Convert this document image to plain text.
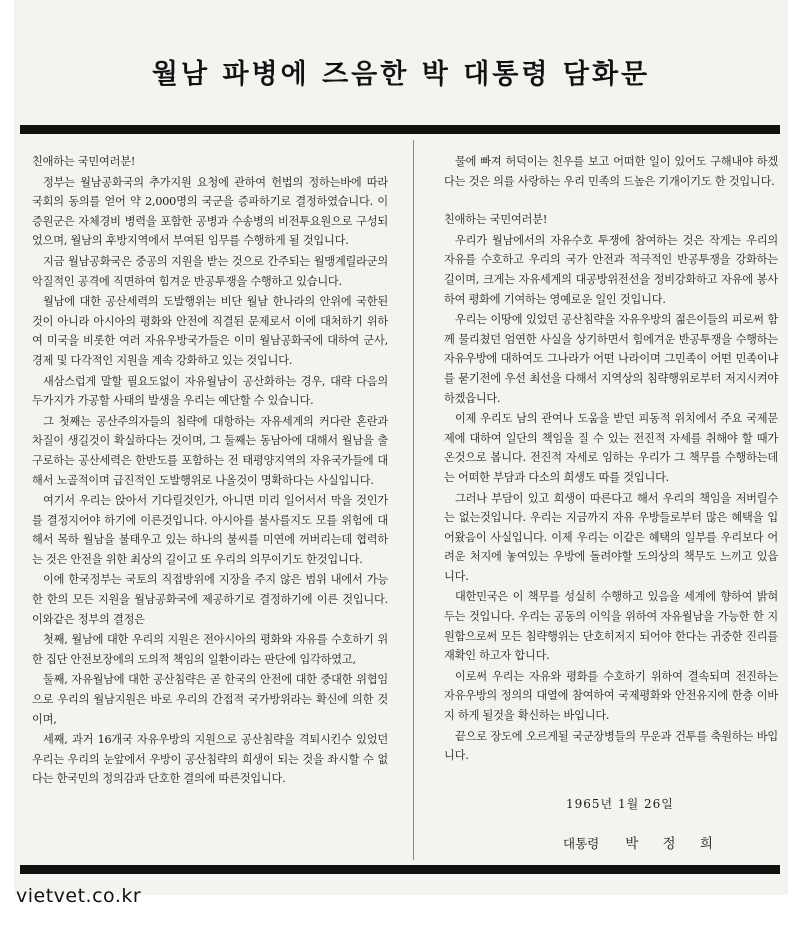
월남 파병에 즈음한 박 대통령 담화문

친애하는 국민여러분!

정부는 월남공화국의 추가지원 요청에 관하여 헌법의 정하는바에 따라 국회의 동의를 얻어 약 2,000명의 국군을 증파하기로 결정하였습니다. 이 증원군은 자체경비 병력을 포함한 공병과 수송병의 비전투요원으로 구성되었으며, 월남의 후방지역에서 부여된 임무를 수행하게 될 것입니다.

지금 월남공화국은 중공의 지원을 받는 것으로 간주되는 월맹계릴라군의 악질적인 공격에 직면하여 힘겨운 반공투쟁을 수행하고 있습니다.

월남에 대한 공산세력의 도발행위는 비단 월남 한나라의 안위에 국한된 것이 아니라 아시아의 평화와 안전에 직결된 문제로서 이에 대처하기 위하여 미국을 비롯한 여러 자유우방국가들은 이미 월남공화국에 대하여 군사, 경제 및 다각적인 지원을 계속 강화하고 있는 것입니다.

새삼스럽게 말할 필요도없이 자유월남이 공산화하는 경우, 대략 다음의 두가지가 가공할 사태의 발생을 우리는 예단할 수 있습니다.

그 첫째는 공산주의자들의 침략에 대항하는 자유세계의 커다란 혼란과 차질이 생길것이 확실하다는 것이며, 그 둘째는 동남아에 대해서 월남을 출구로하는 공산세력은 한반도를 포함하는 전 태평양지역의 자유국가들에 대해서 노골적이며 급진적인 도발행위로 나올것이 명확하다는 사실입니다.

여기서 우리는 앉아서 기다릴것인가, 아니면 미리 일어서서 막을 것인가를 결정지어야 하기에 이른것입니다. 아시아를 불사를지도 모를 위험에 대해서 목하 월남을 불태우고 있는 하나의 불씨를 미연에 꺼버리는데 협력하는 것은 안전을 위한 최상의 길이고 또 우리의 의무이기도 한것입니다.

이에 한국정부는 국토의 직접방위에 지장을 주지 않은 범위 내에서 가능한 한의 모든 지원을 월남공화국에 제공하기로 결정하기에 이른 것입니다. 이와같은 정부의 결정은

첫째, 월남에 대한 우리의 지원은 전아시아의 평화와 자유를 수호하기 위한 집단 안전보장에의 도의적 책임의 일환이라는 판단에 입각하였고,

둘째, 자유월남에 대한 공산침략은 곧 한국의 안전에 대한 중대한 위협임으로 우리의 월남지원은 바로 우리의 간접적 국가방위라는 확신에 의한 것이며,

세째, 과거 16개국 자유우방의 지원으로 공산침략을 격퇴시킨수 있었던 우리는 우리의 눈앞에서 우방이 공산침략의 희생이 되는 것을 좌시할 수 없다는 한국민의 정의감과 단호한 결의에 따른것입니다.

물에 빠져 허덕이는 친우를 보고 어떠한 일이 있어도 구해내야 하겠다는 것은 의를 사랑하는 우리 민족의 드높은 기개이기도 한 것입니다.

친애하는 국민여러분!

우리가 월남에서의 자유수호 투쟁에 참여하는 것은 작게는 우리의 자유를 수호하고 우리의 국가 안전과 적극적인 반공투쟁을 강화하는 길이며, 크게는 자유세계의 대공방위전선을 정비강화하고 자유에 봉사하여 평화에 기여하는 영예로운 일인 것입니다.

우리는 이땅에 있었던 공산침략을 자유우방의 젊은이들의 피로써 함께 물리쳤던 엄연한 사실을 상기하면서 힘에겨운 반공투쟁을 수행하는 자유우방에 대하여도 그나라가 어떤 나라이며 그민족이 어떤 민족이냐를 묻기전에 우선 최선을 다해서 지역상의 침략행위로부터 저지시켜야 하겠읍니다.

이제 우리도 남의 관여나 도움을 받던 피동적 위치에서 주요 국제문제에 대하여 일단의 책임을 질 수 있는 전진적 자세를 취해야 할 때가 온것으로 봅니다. 전진적 자세로 임하는 우리가 그 책무를 수행하는데는 어떠한 부담과 다소의 희생도 따를 것입니다.

그러나 부담이 있고 희생이 따른다고 해서 우리의 책임을 저버릴수는 없는것입니다. 우리는 지금까지 자유 우방들로부터 많은 혜택을 입어왔음이 사실입니다. 이제 우리는 이같은 혜택의 일부를 우리보다 어려운 처지에 놓여있는 우방에 돌려야할 도의상의 책무도 느끼고 있읍니다.

대한민국은 이 책무를 성실히 수행하고 있음을 세계에 향하여 밝혀 두는 것입니다. 우리는 공동의 이익을 위하여 자유월남을 가능한 한 지원함으로써 모든 침략행위는 단호히저지 되어야 한다는 귀중한 진리를 재확인 하고자 합니다.

이로써 우리는 자유와 평화를 수호하기 위하여 결속되며 전진하는 자유우방의 정의의 대열에 참여하여 국제평화와 안전유지에 한층 이바지 하게 될것을 확신하는 바입니다.

끝으로 장도에 오르게될 국군장병들의 무운과 건투를 축원하는 바입니다.

1965년 1월 26일
대통령 박 정 희
vietvet.co.kr
